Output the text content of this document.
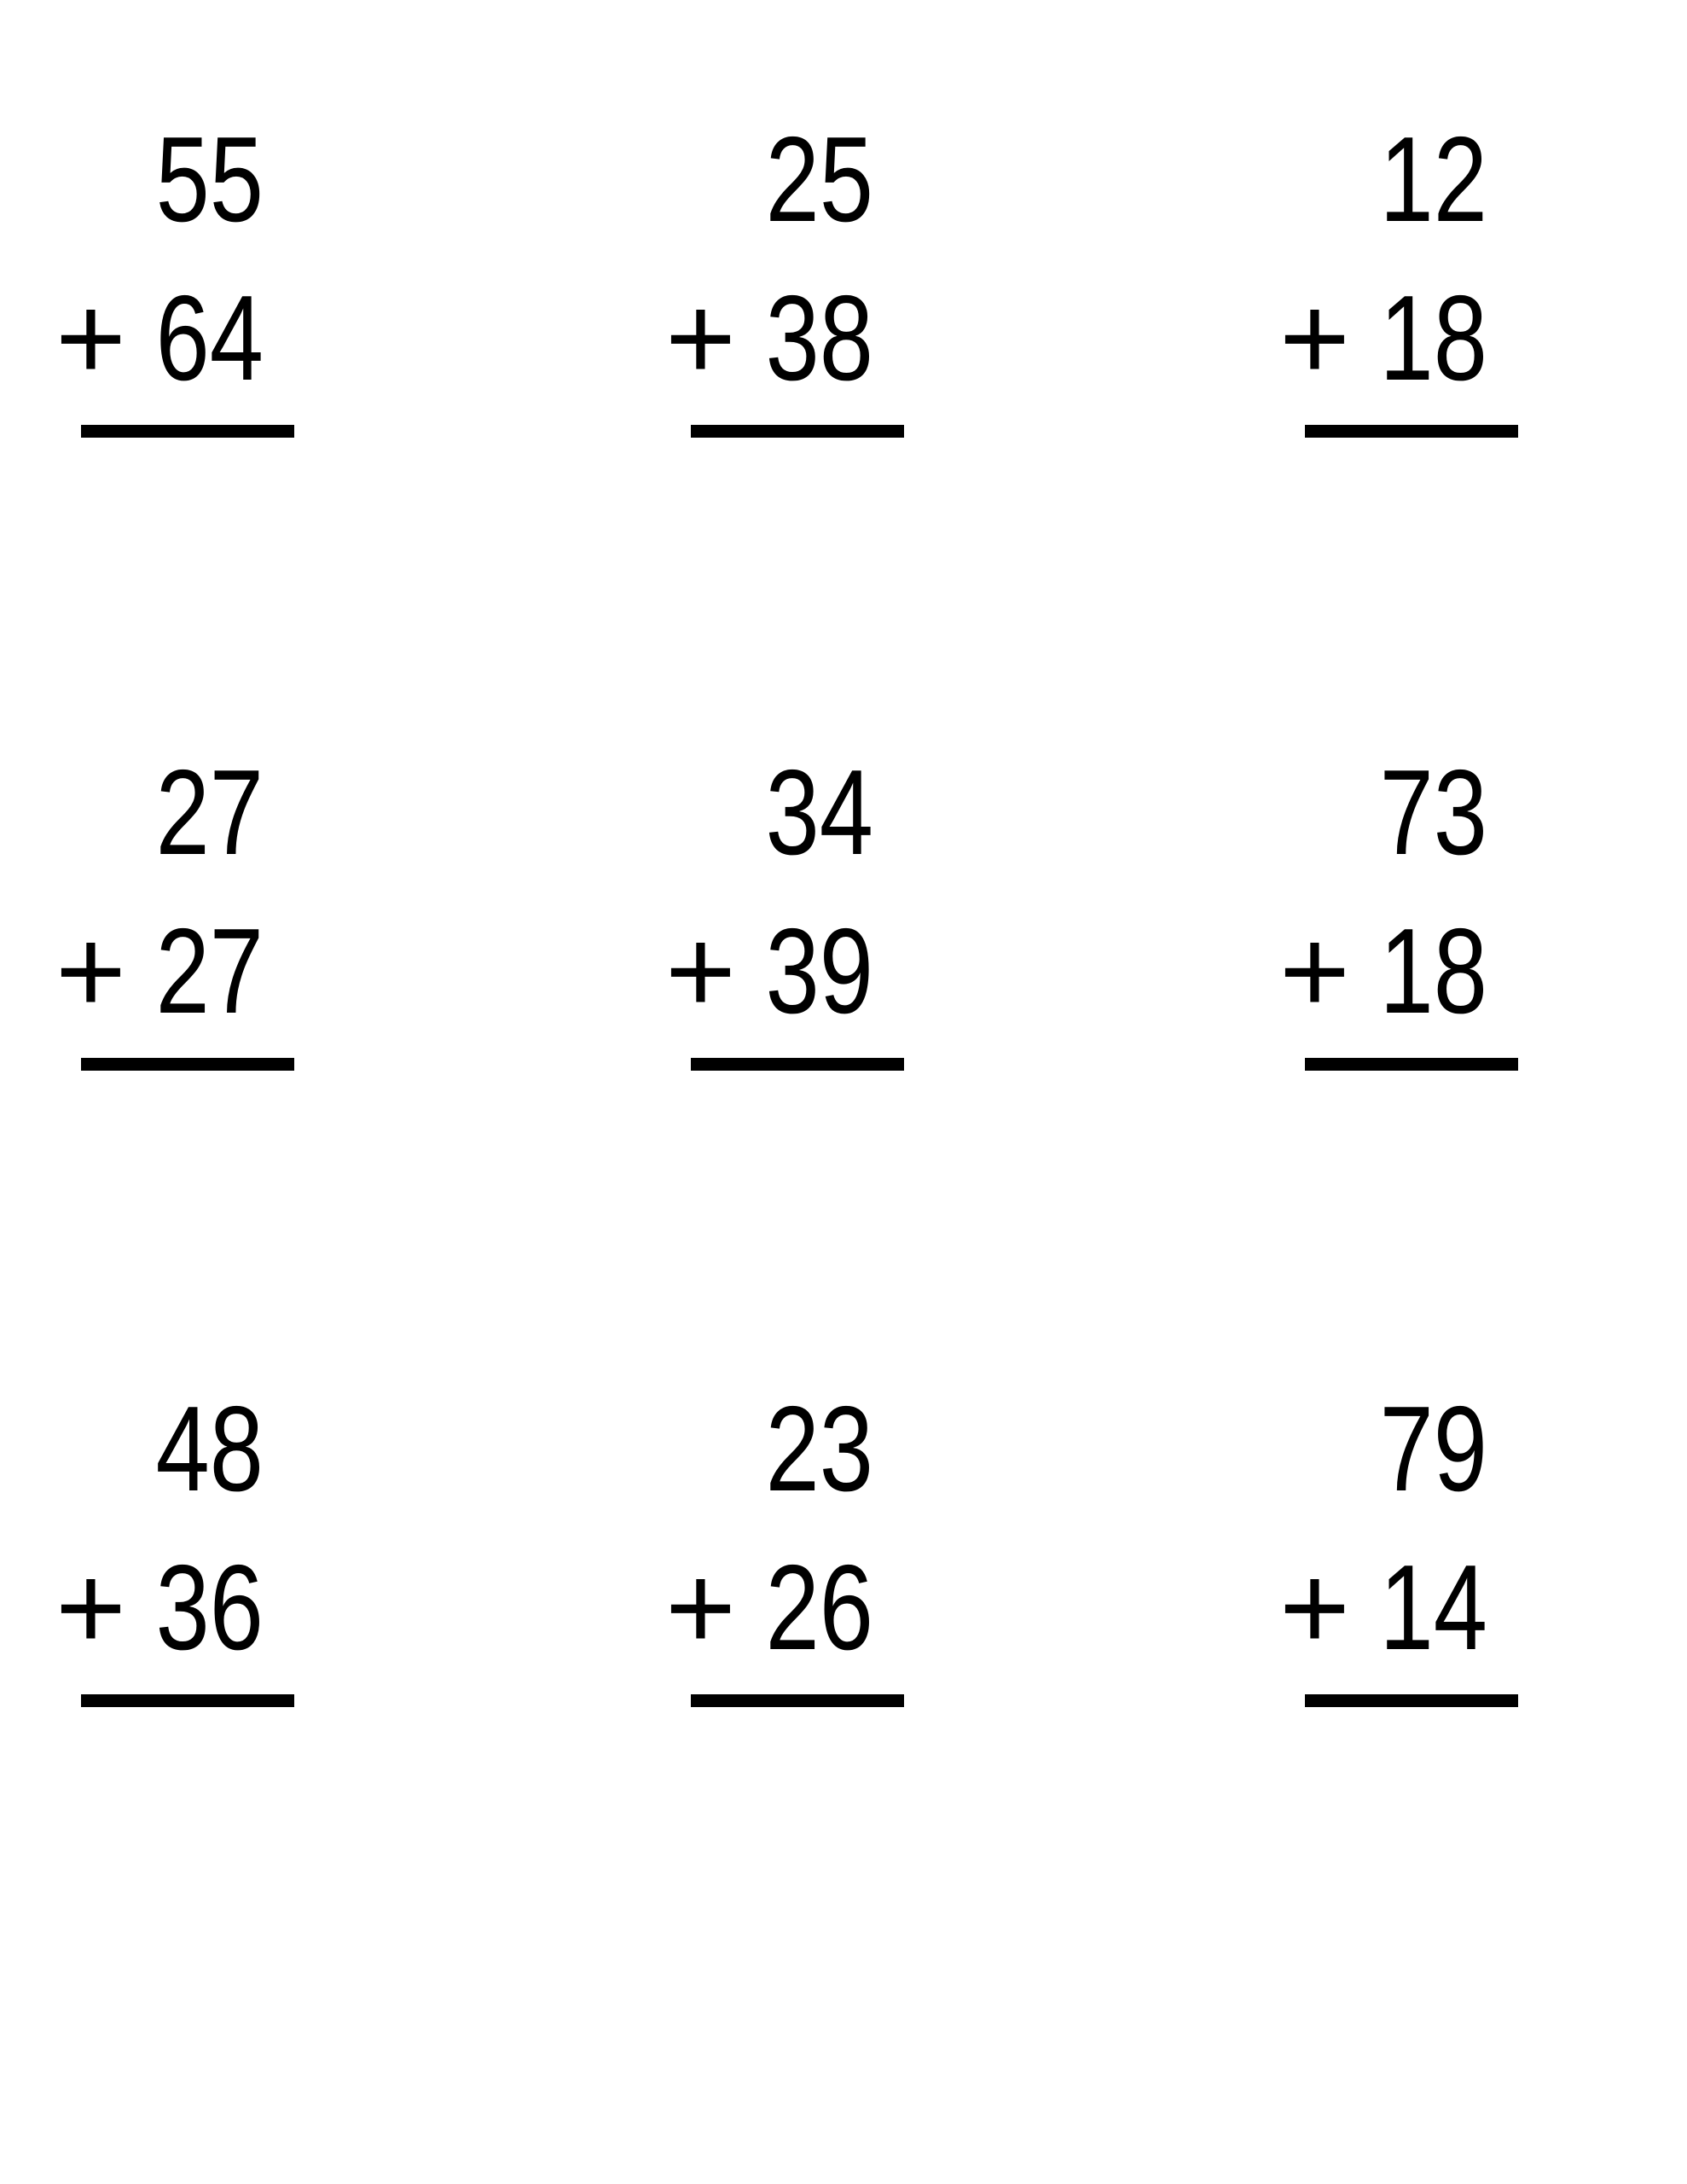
55
+ 64
25
+ 38
12
+ 18
27
+ 27
34
+ 39
73
+ 18
48
+ 36
23
+ 26
79
+ 14
